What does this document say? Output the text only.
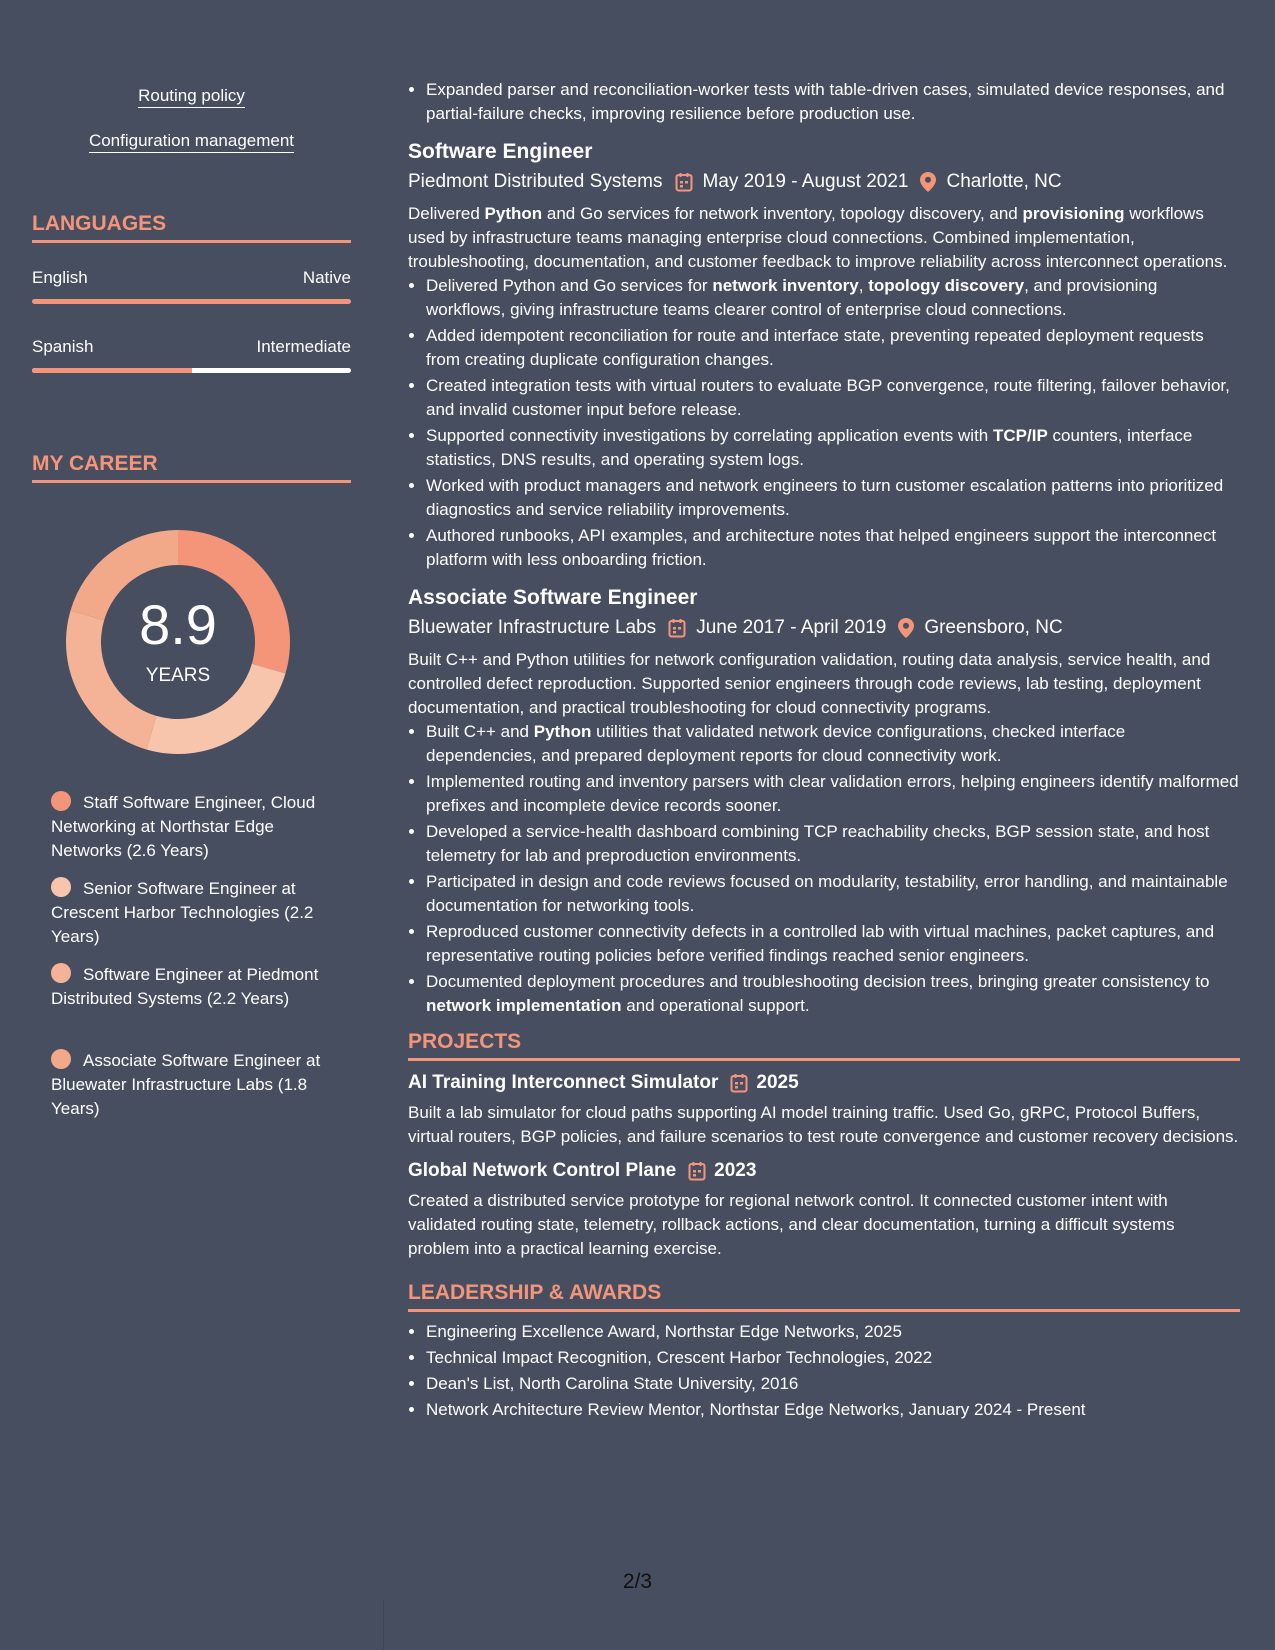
Routing policy
Configuration management
LANGUAGES
English	Native
Spanish	Intermediate
MY CAREER
8.9
YEARS
Staff Software Engineer, Cloud Networking at Northstar Edge Networks (2.6 Years)
Senior Software Engineer at Crescent Harbor Technologies (2.2 Years)
Software Engineer at Piedmont Distributed Systems (2.2 Years)
Associate Software Engineer at Bluewater Infrastructure Labs (1.8 Years)
• Expanded parser and reconciliation-worker tests with table-driven cases, simulated device responses, and partial-failure checks, improving resilience before production use.
Software Engineer
Piedmont Distributed Systems May 2019 - August 2021 Charlotte, NC
Delivered Python and Go services for network inventory, topology discovery, and provisioning workflows used by infrastructure teams managing enterprise cloud connections. Combined implementation, troubleshooting, documentation, and customer feedback to improve reliability across interconnect operations.
• Delivered Python and Go services for network inventory, topology discovery, and provisioning workflows, giving infrastructure teams clearer control of enterprise cloud connections.
• Added idempotent reconciliation for route and interface state, preventing repeated deployment requests from creating duplicate configuration changes.
• Created integration tests with virtual routers to evaluate BGP convergence, route filtering, failover behavior, and invalid customer input before release.
• Supported connectivity investigations by correlating application events with TCP/IP counters, interface statistics, DNS results, and operating system logs.
• Worked with product managers and network engineers to turn customer escalation patterns into prioritized diagnostics and service reliability improvements.
• Authored runbooks, API examples, and architecture notes that helped engineers support the interconnect platform with less onboarding friction.
Associate Software Engineer
Bluewater Infrastructure Labs June 2017 - April 2019 Greensboro, NC
Built C++ and Python utilities for network configuration validation, routing data analysis, service health, and controlled defect reproduction. Supported senior engineers through code reviews, lab testing, deployment documentation, and practical troubleshooting for cloud connectivity programs.
• Built C++ and Python utilities that validated network device configurations, checked interface dependencies, and prepared deployment reports for cloud connectivity work.
• Implemented routing and inventory parsers with clear validation errors, helping engineers identify malformed prefixes and incomplete device records sooner.
• Developed a service-health dashboard combining TCP reachability checks, BGP session state, and host telemetry for lab and preproduction environments.
• Participated in design and code reviews focused on modularity, testability, error handling, and maintainable documentation for networking tools.
• Reproduced customer connectivity defects in a controlled lab with virtual machines, packet captures, and representative routing policies before verified findings reached senior engineers.
• Documented deployment procedures and troubleshooting decision trees, bringing greater consistency to network implementation and operational support.
PROJECTS
AI Training Interconnect Simulator 2025
Built a lab simulator for cloud paths supporting AI model training traffic. Used Go, gRPC, Protocol Buffers, virtual routers, BGP policies, and failure scenarios to test route convergence and customer recovery decisions.
Global Network Control Plane 2023
Created a distributed service prototype for regional network control. It connected customer intent with validated routing state, telemetry, rollback actions, and clear documentation, turning a difficult systems problem into a practical learning exercise.
LEADERSHIP & AWARDS
• Engineering Excellence Award, Northstar Edge Networks, 2025
• Technical Impact Recognition, Crescent Harbor Technologies, 2022
• Dean's List, North Carolina State University, 2016
• Network Architecture Review Mentor, Northstar Edge Networks, January 2024 - Present
2/3
